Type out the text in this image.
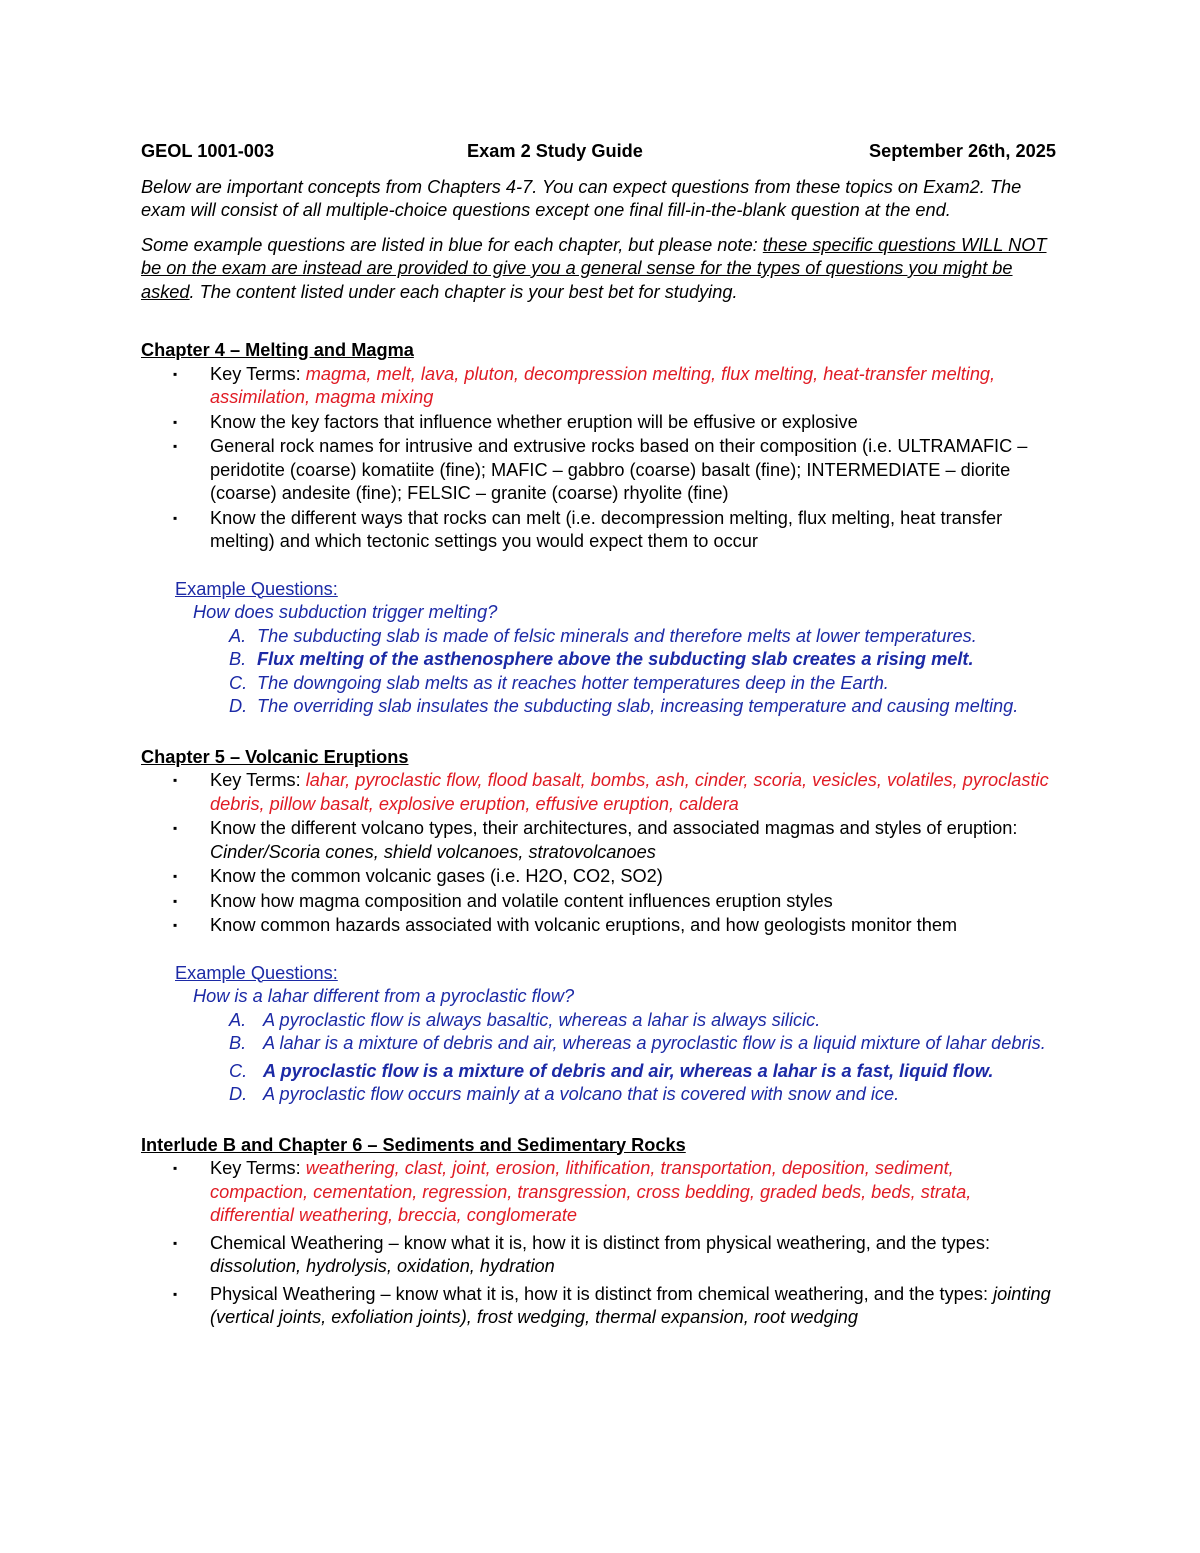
GEOL 1001-003	Exam 2 Study Guide	September 26th, 2025

Below are important concepts from Chapters 4-7. You can expect questions from these topics on Exam2. The exam will consist of all multiple-choice questions except one final fill-in-the-blank question at the end.

Some example questions are listed in blue for each chapter, but please note: these specific questions WILL NOT be on the exam are instead are provided to give you a general sense for the types of questions you might be asked. The content listed under each chapter is your best bet for studying.

Chapter 4 – Melting and Magma

▪ Key Terms: magma, melt, lava, pluton, decompression melting, flux melting, heat-transfer melting, assimilation, magma mixing
▪ Know the key factors that influence whether eruption will be effusive or explosive
▪ General rock names for intrusive and extrusive rocks based on their composition (i.e. ULTRAMAFIC – peridotite (coarse) komatiite (fine); MAFIC – gabbro (coarse) basalt (fine); INTERMEDIATE – diorite (coarse) andesite (fine); FELSIC – granite (coarse) rhyolite (fine)
▪ Know the different ways that rocks can melt (i.e. decompression melting, flux melting, heat transfer melting) and which tectonic settings you would expect them to occur

Example Questions:

How does subduction trigger melting?

A. The subducting slab is made of felsic minerals and therefore melts at lower temperatures.
B. Flux melting of the asthenosphere above the subducting slab creates a rising melt.
C. The downgoing slab melts as it reaches hotter temperatures deep in the Earth.
D. The overriding slab insulates the subducting slab, increasing temperature and causing melting.

Chapter 5 – Volcanic Eruptions

▪ Key Terms: lahar, pyroclastic flow, flood basalt, bombs, ash, cinder, scoria, vesicles, volatiles, pyroclastic debris, pillow basalt, explosive eruption, effusive eruption, caldera
▪ Know the different volcano types, their architectures, and associated magmas and styles of eruption: Cinder/Scoria cones, shield volcanoes, stratovolcanoes
▪ Know the common volcanic gases (i.e. H2O, CO2, SO2)
▪ Know how magma composition and volatile content influences eruption styles
▪ Know common hazards associated with volcanic eruptions, and how geologists monitor them

Example Questions:

How is a lahar different from a pyroclastic flow?

A. A pyroclastic flow is always basaltic, whereas a lahar is always silicic.
B. A lahar is a mixture of debris and air, whereas a pyroclastic flow is a liquid mixture of lahar debris.
C. A pyroclastic flow is a mixture of debris and air, whereas a lahar is a fast, liquid flow.
D. A pyroclastic flow occurs mainly at a volcano that is covered with snow and ice.

Interlude B and Chapter 6 – Sediments and Sedimentary Rocks

▪ Key Terms: weathering, clast, joint, erosion, lithification, transportation, deposition, sediment, compaction, cementation, regression, transgression, cross bedding, graded beds, beds, strata, differential weathering, breccia, conglomerate
▪ Chemical Weathering – know what it is, how it is distinct from physical weathering, and the types: dissolution, hydrolysis, oxidation, hydration
▪ Physical Weathering – know what it is, how it is distinct from chemical weathering, and the types: jointing (vertical joints, exfoliation joints), frost wedging, thermal expansion, root wedging
